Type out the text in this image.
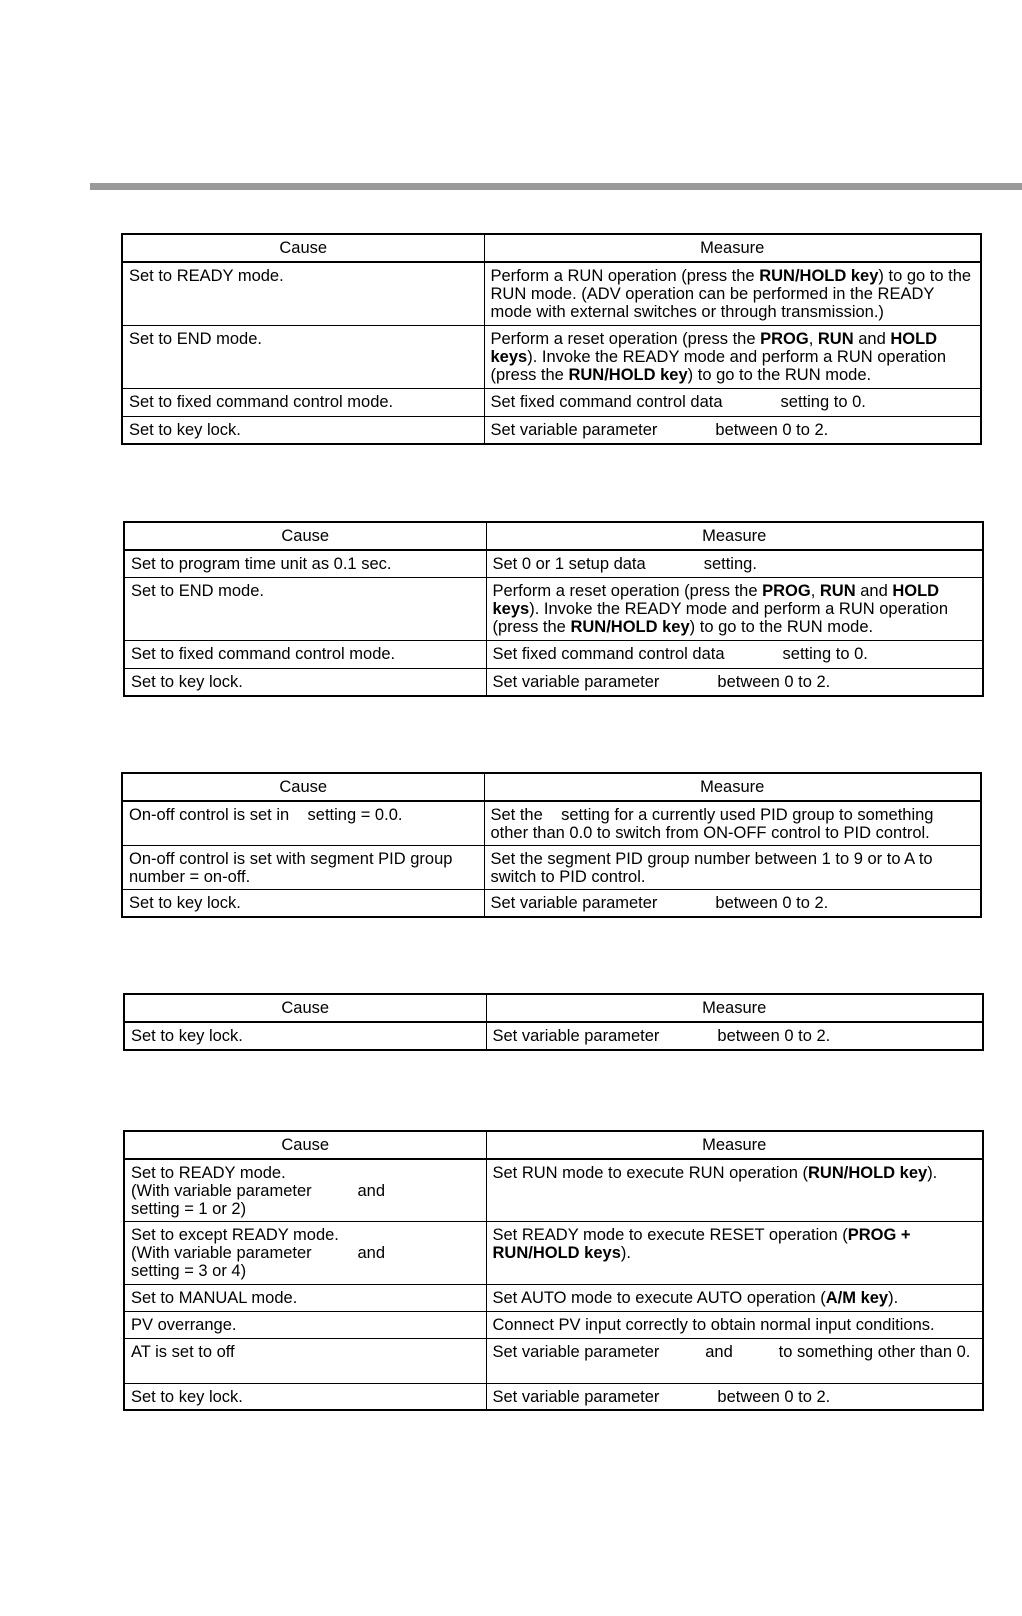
Cause	Measure
Set to READY mode.	Perform a RUN operation (press the RUN/HOLD key) to go to the RUN mode. (ADV operation can be performed in the READY mode with external switches or through transmission.)
Set to END mode.	Perform a reset operation (press the PROG, RUN and HOLD keys). Invoke the READY mode and perform a RUN operation (press the RUN/HOLD key) to go to the RUN mode.
Set to fixed command control mode.	Set fixed command control data setting to 0.
Set to key lock.	Set variable parameter between 0 to 2.
Cause	Measure
Set to program time unit as 0.1 sec.	Set 0 or 1 setup data setting.
Set to END mode.	Perform a reset operation (press the PROG, RUN and HOLD keys). Invoke the READY mode and perform a RUN operation (press the RUN/HOLD key) to go to the RUN mode.
Set to fixed command control mode.	Set fixed command control data setting to 0.
Set to key lock.	Set variable parameter between 0 to 2.
Cause	Measure
On-off control is set in    setting = 0.0.	Set the    setting for a currently used PID group to something other than 0.0 to switch from ON-OFF control to PID control.
On-off control is set with segment PID group number = on-off.	Set the segment PID group number between 1 to 9 or to A to switch to PID control.
Set to key lock.	Set variable parameter between 0 to 2.
Cause	Measure
Set to key lock.	Set variable parameter between 0 to 2.
Cause	Measure
Set to READY mode.
(With variable parameter          and
setting = 1 or 2)	Set RUN mode to execute RUN operation (RUN/HOLD key).
Set to except READY mode.
(With variable parameter          and
setting = 3 or 4)	Set READY mode to execute RESET operation (PROG + RUN/HOLD keys).
Set to MANUAL mode.	Set AUTO mode to execute AUTO operation (A/M key).
PV overrange.	Connect PV input correctly to obtain normal input conditions.
AT is set to off	Set variable parameter          and          to something other than 0.
Set to key lock.	Set variable parameter between 0 to 2.
